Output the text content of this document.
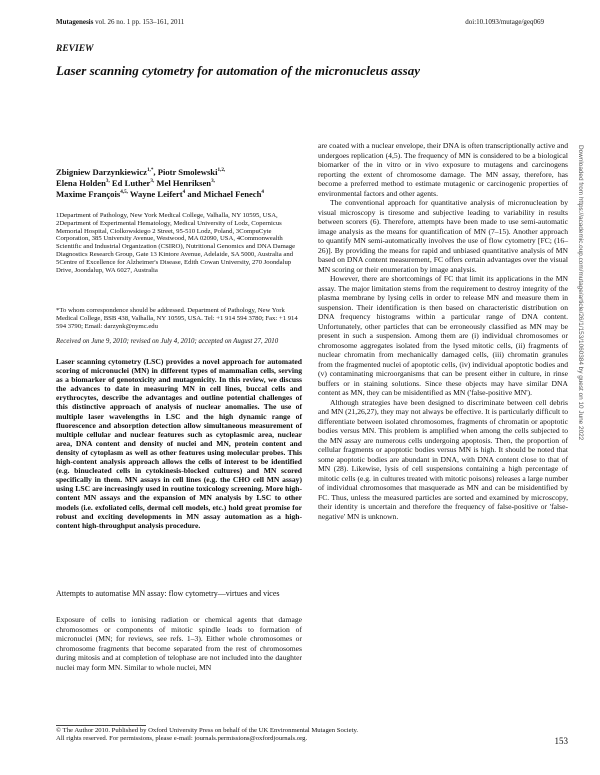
Mutagenesis vol. 26 no. 1 pp. 153–161, 2011	doi:10.1093/mutage/geq069
REVIEW
Laser scanning cytometry for automation of the micronucleus assay
Zbigniew Darzynkiewicz$^{1,*}$, Piotr Smolewski$^{1,2,}$
Elena Holden$^{3,}$ Ed Luther$^{3,}$ Mel Henriksen$^{3,}$
Maxime François$^{4,5,}$ Wayne Leifert$^4$ and Michael Fenech$^4$
1Department of Pathology, New York Medical College, Valhalla, NY 10595, USA, 2Department of Experimental Hematology, Medical University of Lodz, Copernicus Memorial Hospital, Ciolkowskiego 2 Street, 95-510 Lodz, Poland, 3CompuCyte Corporation, 385 University Avenue, Westwood, MA 02090, USA, 4Commonwealth Scientific and Industrial Organization (CSIRO), Nutritional Genomics and DNA Damage Diagnostics Research Group, Gate 13 Kintore Avenue, Adelaide, SA 5000, Australia and 5Centre of Excellence for Alzheimer's Disease, Edith Cowan University, 270 Joondalup Drive, Joondalup, WA 6027, Australia
*To whom correspondence should be addressed. Department of Pathology, New York Medical College, BSB 438, Valhalla, NY 10595, USA. Tel: +1 914 594 3780; Fax: +1 914 594 3790; Email: darzynk@nymc.edu
Received on June 9, 2010; revised on July 4, 2010; accepted on August 27, 2010
Laser scanning cytometry (LSC) provides a novel approach for automated scoring of micronuclei (MN) in different types of mammalian cells, serving as a biomarker of genotoxicity and mutagenicity. In this review, we discuss the advances to date in measuring MN in cell lines, buccal cells and erythrocytes, describe the advantages and outline potential challenges of this distinctive approach of analysis of nuclear anomalies. The use of multiple laser wavelengths in LSC and the high dynamic range of fluorescence and absorption detection allow simultaneous measurement of multiple cellular and nuclear features such as cytoplasmic area, nuclear area, DNA content and density of nuclei and MN, protein content and density of cytoplasm as well as other features using molecular probes. This high-content analysis approach allows the cells of interest to be identified (e.g. binucleated cells in cytokinesis-blocked cultures) and MN scored specifically in them. MN assays in cell lines (e.g. the CHO cell MN assay) using LSC are increasingly used in routine toxicology screening. More high-content MN assays and the expansion of MN analysis by LSC to other models (i.e. exfoliated cells, dermal cell models, etc.) hold great promise for robust and exciting developments in MN assay automation as a high-content high-throughput analysis procedure.
Attempts to automatise MN assay: flow cytometry—virtues and vices
Exposure of cells to ionising radiation or chemical agents that damage chromosomes or components of mitotic spindle leads to formation of micronuclei (MN; for reviews, see refs. 1–3). Either whole chromosomes or chromosome fragments that become separated from the rest of chromosomes during mitosis and at completion of telophase are not included into the daughter nuclei may form MN. Similar to whole nuclei, MN

are coated with a nuclear envelope, their DNA is often transcriptionally active and undergoes replication (4,5). The frequency of MN is considered to be a biological biomarker of the in vitro or in vivo exposure to mutagens and carcinogens reporting the extent of chromosome damage. The MN assay, therefore, has become a preferred method to estimate mutagenic or carcinogenic properties of environmental factors and other agents.

The conventional approach for quantitative analysis of micronucleation by visual microscopy is tiresome and subjective leading to variability in results between scorers (6). Therefore, attempts have been made to use semi-automatic image analysis as the means for quantification of MN (7–15). Another approach to quantify MN semi-automatically involves the use of flow cytometry [FC; (16–26)]. By providing the means for rapid and unbiased quantitative analysis of MN based on DNA content measurement, FC offers certain advantages over the visual MN scoring or their enumeration by image analysis.

However, there are shortcomings of FC that limit its applications in the MN assay. The major limitation stems from the requirement to destroy integrity of the plasma membrane by lysing cells in order to release MN and measure them in suspension. Their identification is then based on characteristic distribution on DNA frequency histograms within a particular range of DNA content. Unfortunately, other particles that can be erroneously classified as MN may be present in such a suspension. Among them are (i) individual chromosomes or chromosome aggregates isolated from the lysed mitotic cells, (ii) fragments of nuclear chromatin from mechanically damaged cells, (iii) chromatin granules from the fragmented nuclei of apoptotic cells, (iv) individual apoptotic bodies and (v) contaminating microorganisms that can be present either in culture, in rinse buffers or in staining solutions. Since these objects may have similar DNA content as MN, they can be misidentified as MN ('false-positive MN').

Although strategies have been designed to discriminate between cell debris and MN (21,26,27), they may not always be effective. It is particularly difficult to differentiate between isolated chromosomes, fragments of chromatin or apoptotic bodies versus MN. This problem is amplified when among the cells subjected to the MN assay are numerous cells undergoing apoptosis. Then, the proportion of cellular fragments or apoptotic bodies versus MN is high. It should be noted that some apoptotic bodies are abundant in DNA, with DNA content close to that of MN (28). Likewise, lysis of cell suspensions containing a high percentage of mitotic cells (e.g. in cultures treated with mitotic poisons) releases a large number of individual chromosomes that masquerade as MN and can be misidentified by FC. Thus, unless the measured particles are sorted and examined by microscopy, their identity is uncertain and therefore the frequency of false-positive or 'false-negative' MN is unknown.

© The Author 2010. Published by Oxford University Press on behalf of the UK Environmental Mutagen Society.
All rights reserved. For permissions, please e-mail: journals.permissions@oxfordjournals.org.	153
Downloaded from https://academic.oup.com/mutage/article/26/1/153/1060384 by guest on 10 June 2022
